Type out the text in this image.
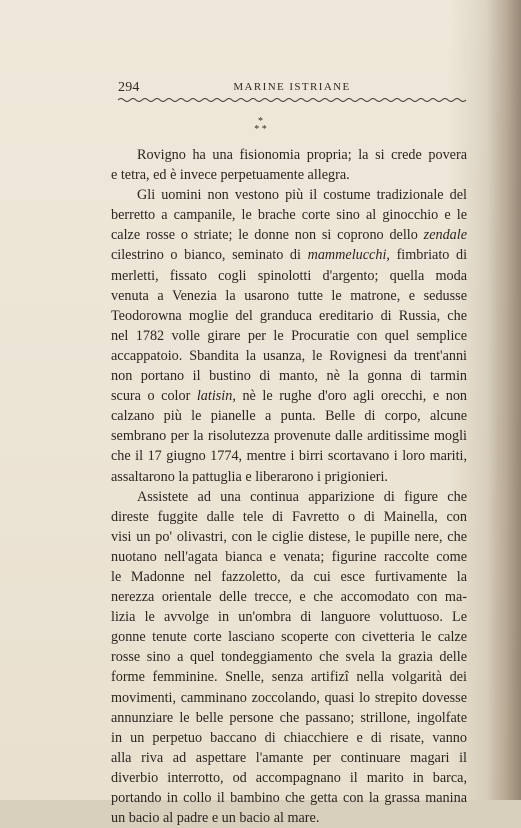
294	MARINE ISTRIANE
*
* *
Rovigno ha una fisionomia propria; la si crede povera
e tetra, ed è invece perpetuamente allegra.
Gli uomini non vestono più il costume tradizionale del
berretto a campanile, le brache corte sino al ginocchio e le
calze rosse o striate; le donne non si coprono dello zendale
cilestrino o bianco, seminato di mammelucchi, fimbriato di
merletti, fissato cogli spinolotti d'argento; quella moda
venuta a Venezia la usarono tutte le matrone, e sedusse
Teodorowna moglie del granduca ereditario di Russia, che
nel 1782 volle girare per le Procuratie con quel semplice
accappatoio. Sbandita la usanza, le Rovignesi da trent'anni
non portano il bustino di manto, nè la gonna di tarmin
scura o color latisin, nè le rughe d'oro agli orecchi, e non
calzano più le pianelle a punta. Belle di corpo, alcune
sembrano per la risolutezza provenute dalle arditissime mogli
che il 17 giugno 1774, mentre i birri scortavano i loro mariti,
assaltarono la pattuglia e liberarono i prigionieri.
Assistete ad una continua apparizione di figure che
direste fuggite dalle tele di Favretto o di Mainella, con
visi un po' olivastri, con le ciglie distese, le pupille nere, che
nuotano nell'agata bianca e venata; figurine raccolte come
le Madonne nel fazzoletto, da cui esce furtivamente la
nerezza orientale delle trecce, e che accomodato con ma-
lizia le avvolge in un'ombra di languore voluttuoso. Le
gonne tenute corte lasciano scoperte con civetteria le calze
rosse sino a quel tondeggiamento che svela la grazia delle
forme femminine. Snelle, senza artifizî nella volgarità dei
movimenti, camminano zoccolando, quasi lo strepito dovesse
annunziare le belle persone che passano; strillone, ingolfate
in un perpetuo baccano di chiacchiere e di risate, vanno
alla riva ad aspettare l'amante per continuare magari il
diverbio interrotto, od accompagnano il marito in barca,
portando in collo il bambino che getta con la grassa manina
un bacio al padre e un bacio al mare.
